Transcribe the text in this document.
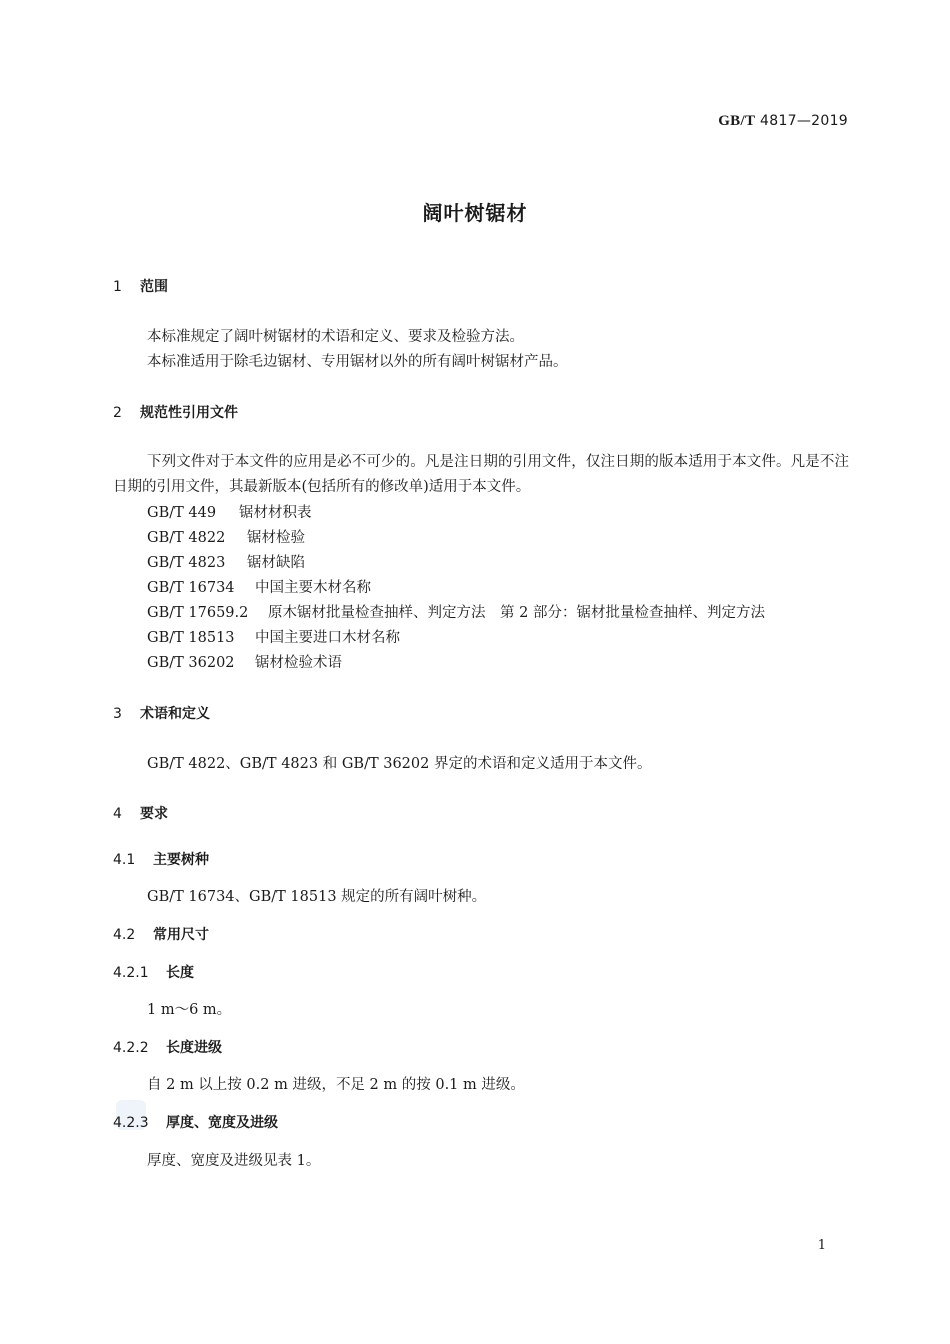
GB/T 4817—2019
阔叶树锯材
1 范围
本标准规定了阔叶树锯材的术语和定义、要求及检验方法。
本标准适用于除毛边锯材、专用锯材以外的所有阔叶树锯材产品。
2 规范性引用文件
下列文件对于本文件的应用是必不可少的。凡是注日期的引用文件，仅注日期的版本适用于本文件。凡是不注日期的引用文件，其最新版本(包括所有的修改单)适用于本文件。
GB/T 449 锯材材积表
GB/T 4822 锯材检验
GB/T 4823 锯材缺陷
GB/T 16734 中国主要木材名称
GB/T 17659.2 原木锯材批量检查抽样、判定方法　第 2 部分：锯材批量检查抽样、判定方法
GB/T 18513 中国主要进口木材名称
GB/T 36202 锯材检验术语
3 术语和定义
GB/T 4822、GB/T 4823 和 GB/T 36202 界定的术语和定义适用于本文件。
4 要求
4.1 主要树种
GB/T 16734、GB/T 18513 规定的所有阔叶树种。
4.2 常用尺寸
4.2.1 长度
1 m～6 m。
4.2.2 长度进级
自 2 m 以上按 0.2 m 进级，不足 2 m 的按 0.1 m 进级。
4.2.3 厚度、宽度及进级
厚度、宽度及进级见表 1。
1
